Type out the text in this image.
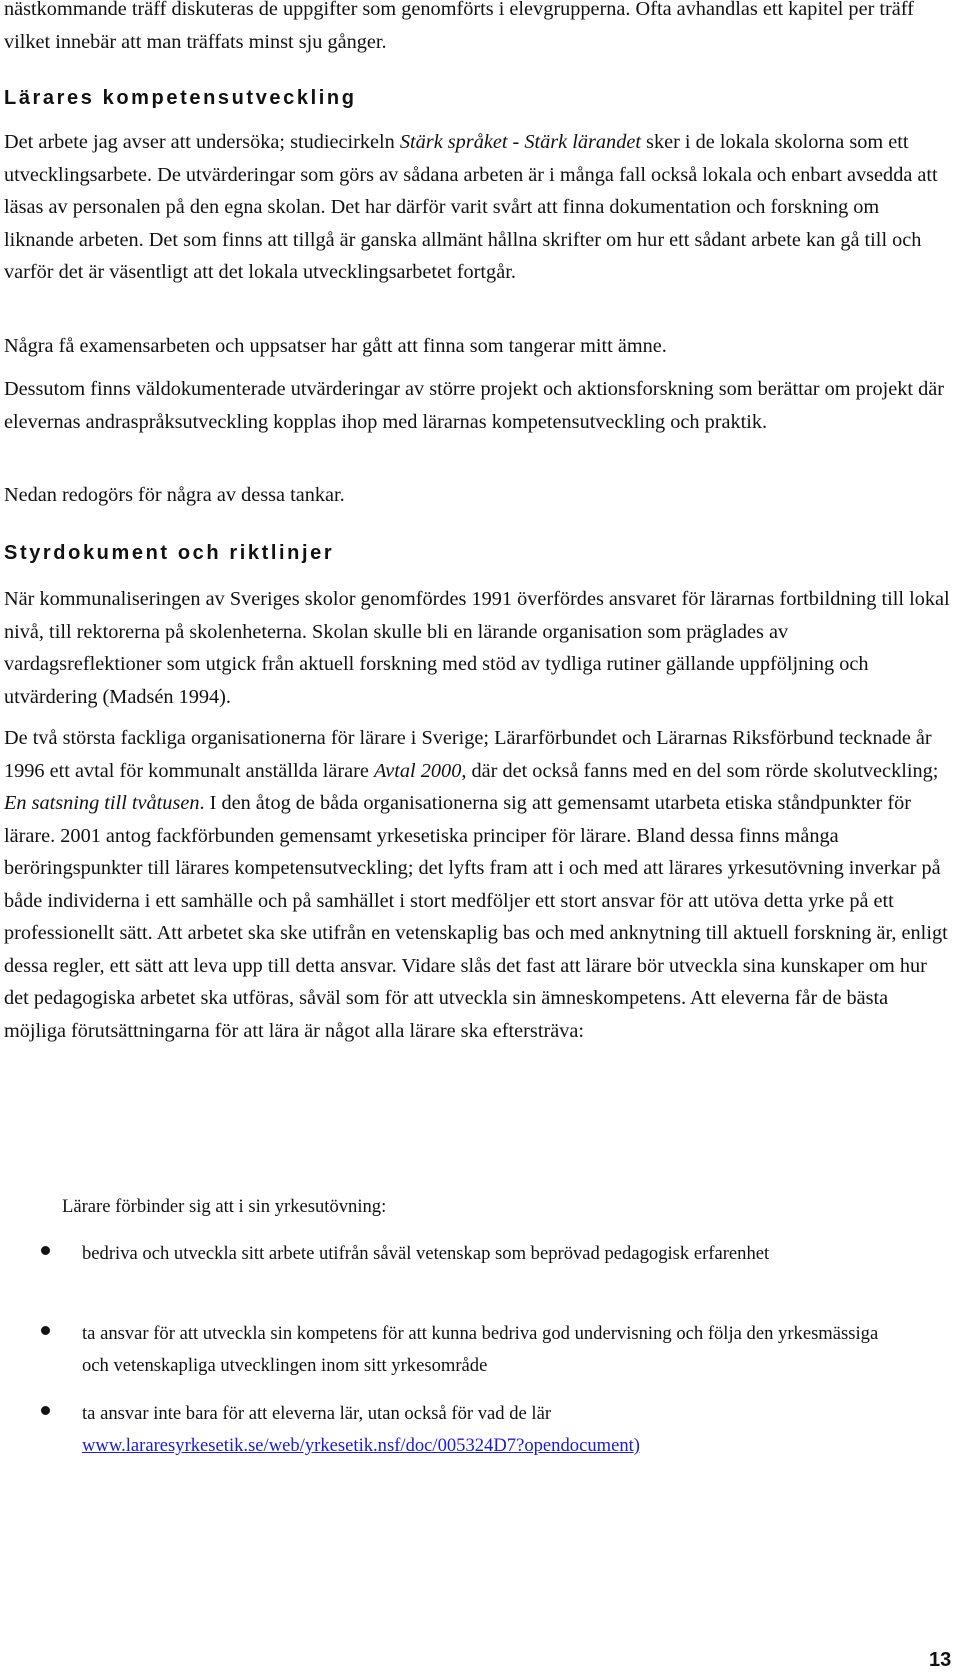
nästkommande träff diskuteras de uppgifter som genomförts i elevgrupperna. Ofta avhandlas ett kapitel per träff vilket innebär att man träffats minst sju gånger.

Lärares kompetensutveckling

Det arbete jag avser att undersöka; studiecirkeln Stärk språket - Stärk lärandet sker i de lokala skolorna som ett utvecklingsarbete. De utvärderingar som görs av sådana arbeten är i många fall också lokala och enbart avsedda att läsas av personalen på den egna skolan. Det har därför varit svårt att finna dokumentation och forskning om liknande arbeten. Det som finns att tillgå är ganska allmänt hållna skrifter om hur ett sådant arbete kan gå till och varför det är väsentligt att det lokala utvecklingsarbetet fortgår.

Några få examensarbeten och uppsatser har gått att finna som tangerar mitt ämne.

Dessutom finns väldokumenterade utvärderingar av större projekt och aktionsforskning som berättar om projekt där elevernas andraspråksutveckling kopplas ihop med lärarnas kompetensutveckling och praktik.

Nedan redogörs för några av dessa tankar.

Styrdokument och riktlinjer

När kommunaliseringen av Sveriges skolor genomfördes 1991 överfördes ansvaret för lärarnas fortbildning till lokal nivå, till rektorerna på skolenheterna. Skolan skulle bli en lärande organisation som präglades av vardagsreflektioner som utgick från aktuell forskning med stöd av tydliga rutiner gällande uppföljning och utvärdering (Madsén 1994).

De två största fackliga organisationerna för lärare i Sverige; Lärarförbundet och Lärarnas Riksförbund tecknade år 1996 ett avtal för kommunalt anställda lärare Avtal 2000, där det också fanns med en del som rörde skolutveckling; En satsning till tvåtusen. I den åtog de båda organisationerna sig att gemensamt utarbeta etiska ståndpunkter för lärare. 2001 antog fackförbunden gemensamt yrkesetiska principer för lärare. Bland dessa finns många beröringspunkter till lärares kompetensutveckling; det lyfts fram att i och med att lärares yrkesutövning inverkar på både individerna i ett samhälle och på samhället i stort medföljer ett stort ansvar för att utöva detta yrke på ett professionellt sätt. Att arbetet ska ske utifrån en vetenskaplig bas och med anknytning till aktuell forskning är, enligt dessa regler, ett sätt att leva upp till detta ansvar. Vidare slås det fast att lärare bör utveckla sina kunskaper om hur det pedagogiska arbetet ska utföras, såväl som för att utveckla sin ämneskompetens. Att eleverna får de bästa möjliga förutsättningarna för att lära är något alla lärare ska eftersträva:

Lärare förbinder sig att i sin yrkesutövning:

bedriva och utveckla sitt arbete utifrån såväl vetenskap som beprövad pedagogisk erfarenhet

ta ansvar för att utveckla sin kompetens för att kunna bedriva god undervisning och följa den yrkesmässiga och vetenskapliga utvecklingen inom sitt yrkesområde

ta ansvar inte bara för att eleverna lär, utan också för vad de lär
www.lararesyrkesetik.se/web/yrkesetik.nsf/doc/005324D7?opendocument)

13
